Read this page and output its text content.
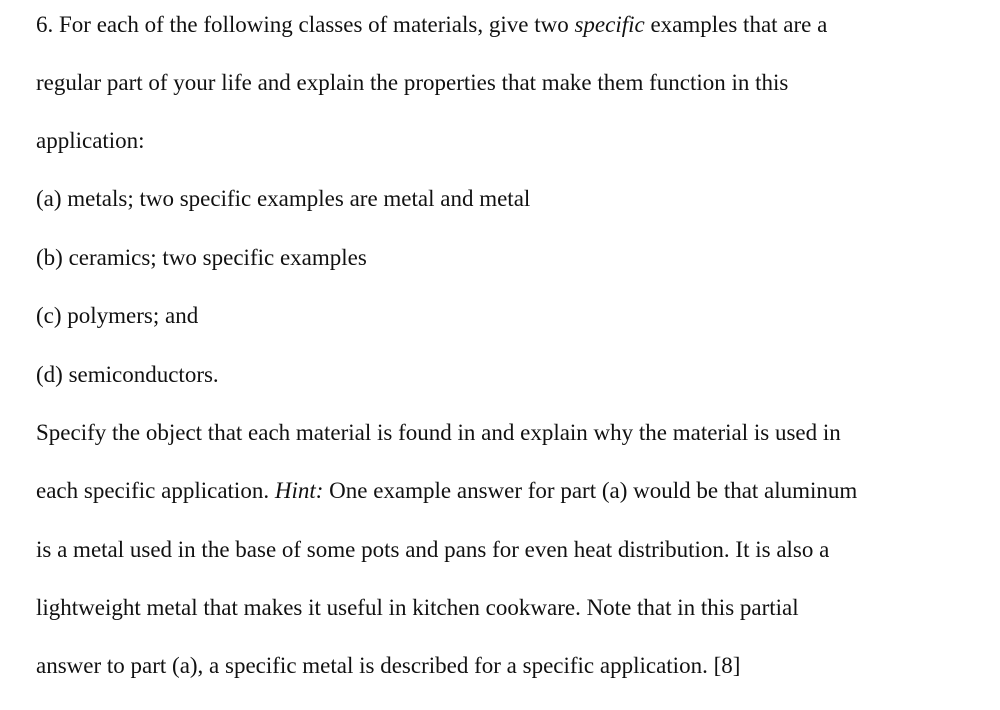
6. For each of the following classes of materials, give two specific examples that are a
regular part of your life and explain the properties that make them function in this
application:
(a) metals; two specific examples are metal and metal
(b) ceramics; two specific examples
(c) polymers; and
(d) semiconductors.
Specify the object that each material is found in and explain why the material is used in
each specific application. Hint: One example answer for part (a) would be that aluminum
is a metal used in the base of some pots and pans for even heat distribution. It is also a
lightweight metal that makes it useful in kitchen cookware. Note that in this partial
answer to part (a), a specific metal is described for a specific application. [8]
